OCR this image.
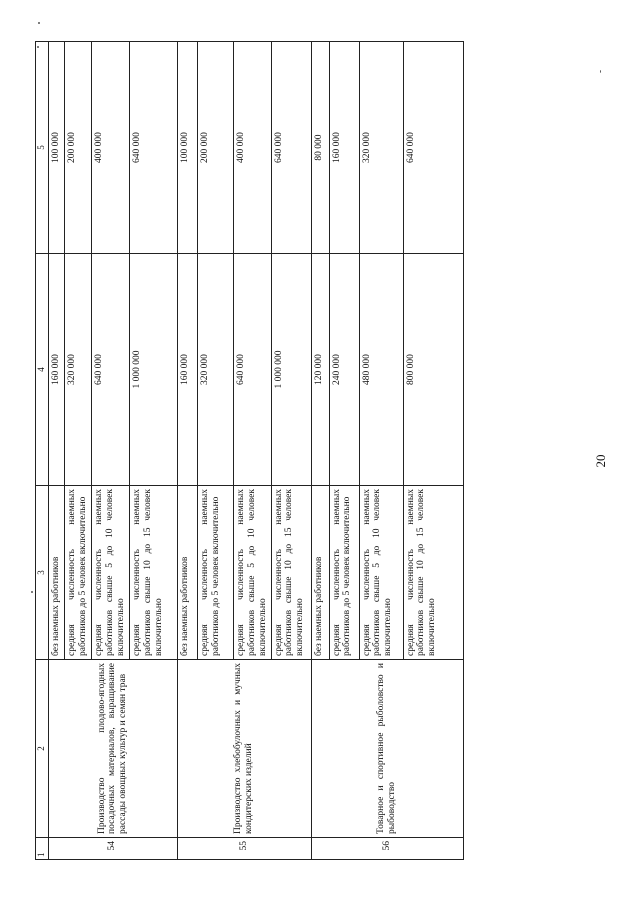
20
1	2	3	4	5
54	Производство плодово-ягодных посадочных материалов, выращивание рассады овощных культур и семян трав	без наемных работников	160 000	100 000
		средняя численность наемных работников до 5 человек включительно	320 000	200 000
		средняя численность наемных работников свыше 5 до 10 человек включительно	640 000	400 000
		средняя численность наемных работников свыше 10 до 15 человек включительно	1 000 000	640 000
55	Производство хлебобулочных и мучных кондитерских изделий	без наемных работников	160 000	100 000
		средняя численность наемных работников до 5 человек включительно	320 000	200 000
		средняя численность наемных работников свыше 5 до 10 человек включительно	640 000	400 000
		средняя численность наемных работников свыше 10 до 15 человек включительно	1 000 000	640 000
56	Товарное и спортивное рыболовство и рыбоводство	без наемных работников	120 000	80 000
		средняя численность наемных работников до 5 человек включительно	240 000	160 000
		средняя численность наемных работников свыше 5 до 10 человек включительно	480 000	320 000
		средняя численность наемных работников свыше 10 до 15 человек включительно	800 000	640 000
